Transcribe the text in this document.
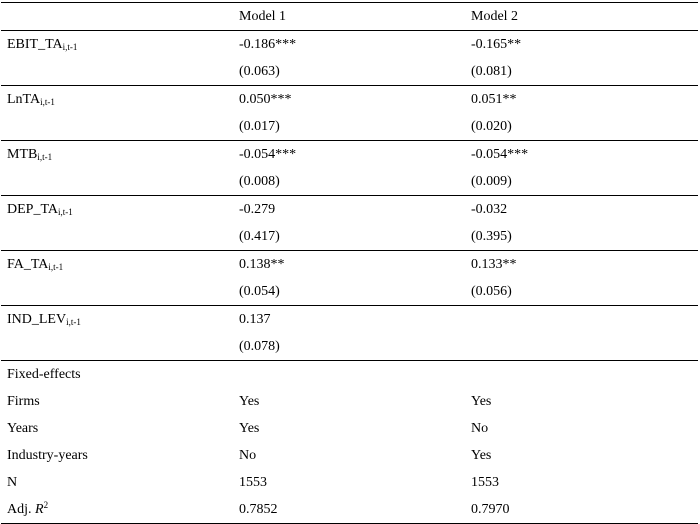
	Model 1	Model 2
EBIT_TAi,t-1	-0.186***	-0.165**
	(0.063)	(0.081)
LnTAi,t-1	0.050***	0.051**
	(0.017)	(0.020)
MTBi,t-1	-0.054***	-0.054***
	(0.008)	(0.009)
DEP_TAi,t-1	-0.279	-0.032
	(0.417)	(0.395)
FA_TAi,t-1	0.138**	0.133**
	(0.054)	(0.056)
IND_LEVi,t-1	0.137	
	(0.078)	
Fixed-effects		
Firms	Yes	Yes
Years	Yes	No
Industry-years	No	Yes
N	1553	1553
Adj. $R^2$	0.7852	0.7970
